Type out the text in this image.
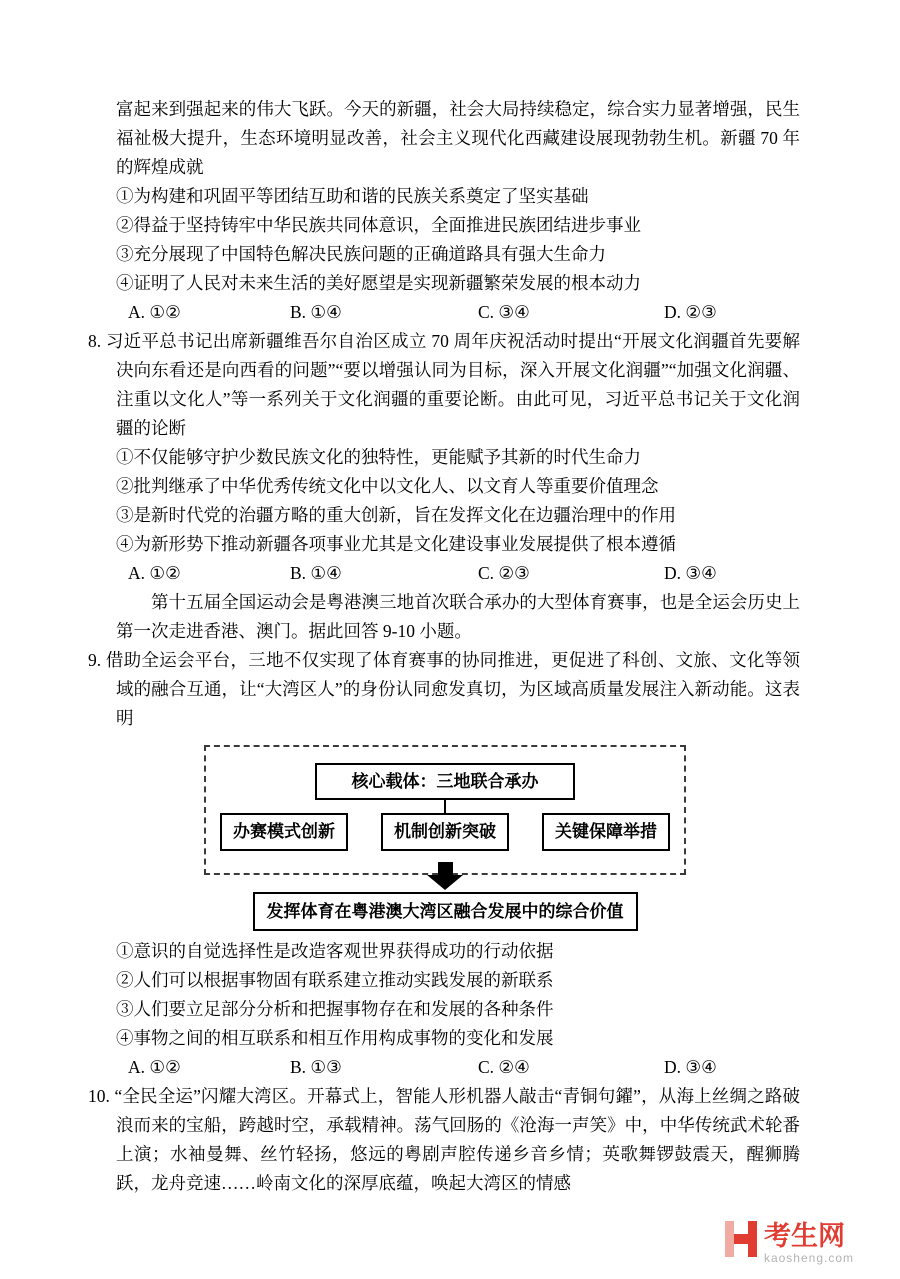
富起来到强起来的伟大飞跃。今天的新疆，社会大局持续稳定，综合实力显著增强，民生福祉极大提升，生态环境明显改善，社会主义现代化西藏建设展现勃勃生机。新疆 70 年的辉煌成就
①为构建和巩固平等团结互助和谐的民族关系奠定了坚实基础
②得益于坚持铸牢中华民族共同体意识，全面推进民族团结进步事业
③充分展现了中国特色解决民族问题的正确道路具有强大生命力
④证明了人民对未来生活的美好愿望是实现新疆繁荣发展的根本动力
A. ①②	B. ①④	C. ③④	D. ②③
8. 习近平总书记出席新疆维吾尔自治区成立 70 周年庆祝活动时提出“开展文化润疆首先要解决向东看还是向西看的问题”“要以增强认同为目标，深入开展文化润疆”“加强文化润疆、注重以文化人”等一系列关于文化润疆的重要论断。由此可见，习近平总书记关于文化润疆的论断
①不仅能够守护少数民族文化的独特性，更能赋予其新的时代生命力
②批判继承了中华优秀传统文化中以文化人、以文育人等重要价值理念
③是新时代党的治疆方略的重大创新，旨在发挥文化在边疆治理中的作用
④为新形势下推动新疆各项事业尤其是文化建设事业发展提供了根本遵循
A. ①②	B. ①④	C. ②③	D. ③④
第十五届全国运动会是粤港澳三地首次联合承办的大型体育赛事，也是全运会历史上第一次走进香港、澳门。据此回答 9-10 小题。
9. 借助全运会平台，三地不仅实现了体育赛事的协同推进，更促进了科创、文旅、文化等领域的融合互通，让“大湾区人”的身份认同愈发真切，为区域高质量发展注入新动能。这表明
核心载体：三地联合承办
办赛模式创新	机制创新突破	关键保障举措
发挥体育在粤港澳大湾区融合发展中的综合价值
①意识的自觉选择性是改造客观世界获得成功的行动依据
②人们可以根据事物固有联系建立推动实践发展的新联系
③人们要立足部分分析和把握事物存在和发展的各种条件
④事物之间的相互联系和相互作用构成事物的变化和发展
A. ①②	B. ①③	C. ②④	D. ③④
10. “全民全运”闪耀大湾区。开幕式上，智能人形机器人敲击“青铜句鑃”，从海上丝绸之路破浪而来的宝船，跨越时空，承载精神。荡气回肠的《沧海一声笑》中，中华传统武术轮番上演；水袖曼舞、丝竹轻扬，悠远的粤剧声腔传递乡音乡情；英歌舞锣鼓震天，醒狮腾跃，龙舟竞速……岭南文化的深厚底蕴，唤起大湾区的情感
考生网
kaosheng.com
